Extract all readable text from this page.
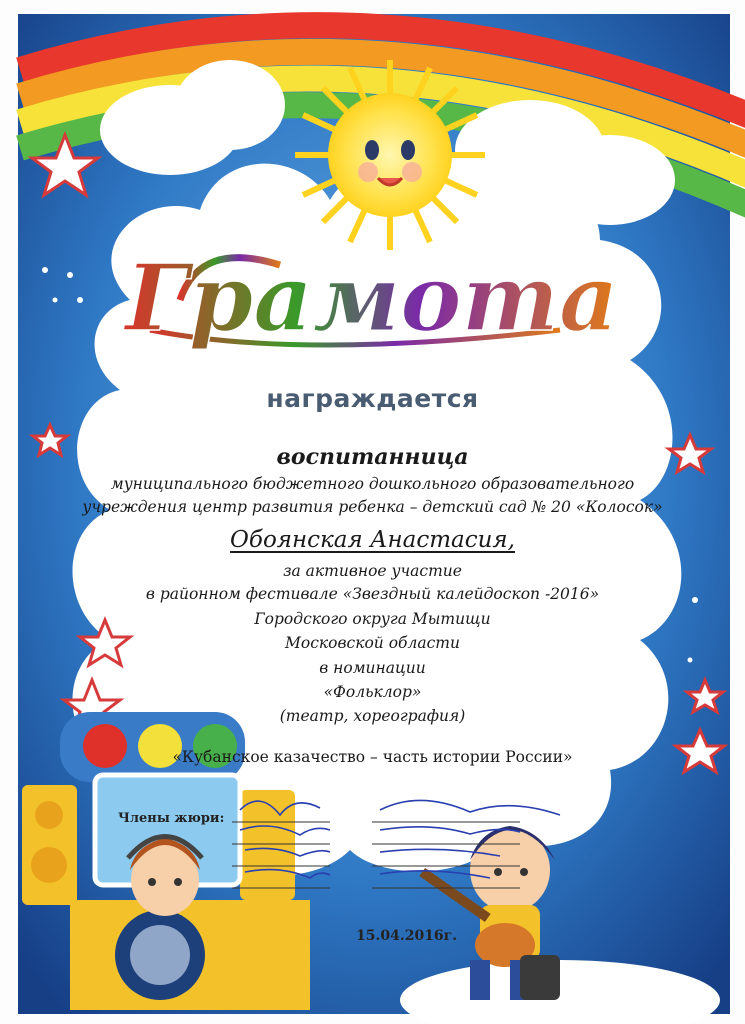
Грамота
награждается
воспитанница
муниципального бюджетного дошкольного образовательного
учреждения центр развития ребенка – детский сад № 20 «Колосок»
Обоянская Анастасия,
за активное участие
в районном фестивале «Звездный калейдоскоп -2016»
Городского округа Мытищи
Московской области
в номинации
«Фольклор»
(театр, хореография)
«Кубанское казачество – часть истории России»
Члены жюри:
15.04.2016г.
